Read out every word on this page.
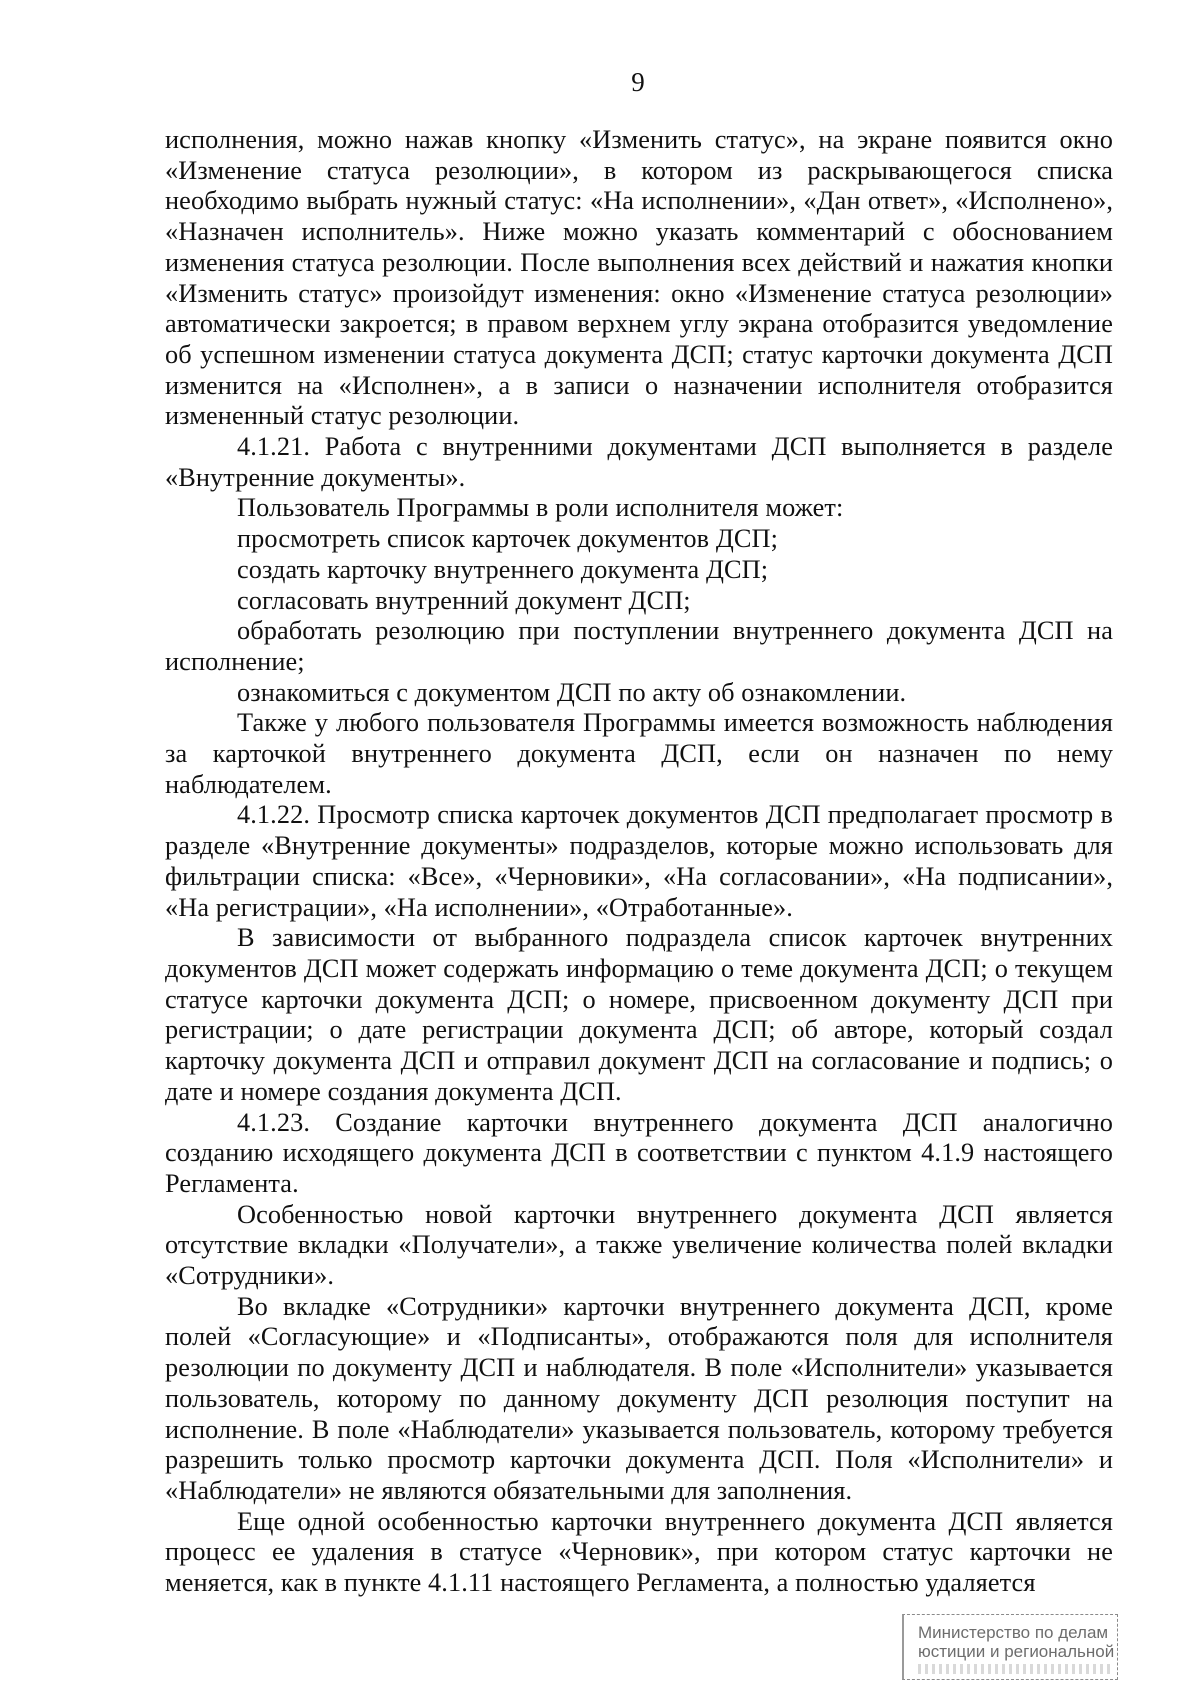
9

исполнения, можно нажав кнопку «Изменить статус», на экране появится окно «Изменение статуса резолюции», в котором из раскрывающегося списка необходимо выбрать нужный статус: «На исполнении», «Дан ответ», «Исполнено», «Назначен исполнитель». Ниже можно указать комментарий с обоснованием изменения статуса резолюции. После выполнения всех действий и нажатия кнопки «Изменить статус» произойдут изменения: окно «Изменение статуса резолюции» автоматически закроется; в правом верхнем углу экрана отобразится уведомление об успешном изменении статуса документа ДСП; статус карточки документа ДСП изменится на «Исполнен», а в записи о назначении исполнителя отобразится измененный статус резолюции.

4.1.21. Работа с внутренними документами ДСП выполняется в разделе «Внутренние документы».

Пользователь Программы в роли исполнителя может:

просмотреть список карточек документов ДСП;

создать карточку внутреннего документа ДСП;

согласовать внутренний документ ДСП;

обработать резолюцию при поступлении внутреннего документа ДСП на исполнение;

ознакомиться с документом ДСП по акту об ознакомлении.

Также у любого пользователя Программы имеется возможность наблюдения за карточкой внутреннего документа ДСП, если он назначен по нему наблюдателем.

4.1.22. Просмотр списка карточек документов ДСП предполагает просмотр в разделе «Внутренние документы» подразделов, которые можно использовать для фильтрации списка: «Все», «Черновики», «На согласовании», «На подписании», «На регистрации», «На исполнении», «Отработанные».

В зависимости от выбранного подраздела список карточек внутренних документов ДСП может содержать информацию о теме документа ДСП; о текущем статусе карточки документа ДСП; о номере, присвоенном документу ДСП при регистрации; о дате регистрации документа ДСП; об авторе, который создал карточку документа ДСП и отправил документ ДСП на согласование и подпись; о дате и номере создания документа ДСП.

4.1.23. Создание карточки внутреннего документа ДСП аналогично созданию исходящего документа ДСП в соответствии с пунктом 4.1.9 настоящего Регламента.

Особенностью новой карточки внутреннего документа ДСП является отсутствие вкладки «Получатели», а также увеличение количества полей вкладки «Сотрудники».

Во вкладке «Сотрудники» карточки внутреннего документа ДСП, кроме полей «Согласующие» и «Подписанты», отображаются поля для исполнителя резолюции по документу ДСП и наблюдателя. В поле «Исполнители» указывается пользователь, которому по данному документу ДСП резолюция поступит на исполнение. В поле «Наблюдатели» указывается пользователь, которому требуется разрешить только просмотр карточки документа ДСП. Поля «Исполнители» и «Наблюдатели» не являются обязательными для заполнения.

Еще одной особенностью карточки внутреннего документа ДСП является процесс ее удаления в статусе «Черновик», при котором статус карточки не меняется, как в пункте 4.1.11 настоящего Регламента, а полностью удаляется

Министерство по делам
юстиции и региональной
